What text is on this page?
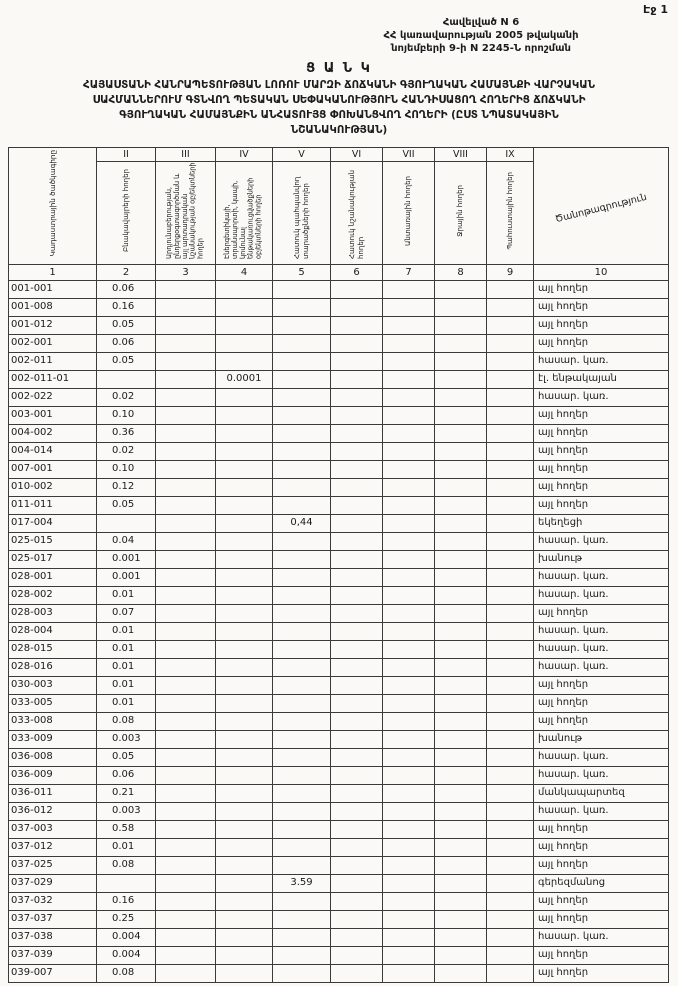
Էջ 1
Հավելված N 6
ՀՀ կառավարության 2005 թվականի
նոյեմբերի 9-ի N 2245-Ն որոշման
Ց Ա Ն Կ
ՀԱՅԱՍՏԱՆԻ ՀԱՆՐԱՊԵՏՈՒԹՅԱՆ ԼՈՌՈՒ ՄԱՐԶԻ ՃՈՃԿԱՆԻ ԳՅՈՒՂԱԿԱՆ ՀԱՄԱՅՆՔԻ ՎԱՐՉԱԿԱՆ
ՍԱՀՄԱՆՆԵՐՈՒՄ ԳՏՆՎՈՂ ՊԵՏԱԿԱՆ ՍԵՓԱԿԱՆՈՒԹՅՈՒՆ ՀԱՆԴԻՍԱՑՈՂ ՀՈՂԵՐԻՑ ՃՈՃԿԱՆԻ
ԳՅՈՒՂԱԿԱՆ ՀԱՄԱՅՆՔԻՆ ԱՆՀԱՏՈՒՅՑ ՓՈԽԱՆՑՎՈՂ ՀՈՂԵՐԻ (ԸՍՏ ՆՊԱՏԱԿԱՅԻՆ
ՆՇԱՆԱԿՈՒԹՅԱՆ)
Կադաստրային ծածկագիրը	II	III	IV	V	VI	VII	VIII	IX	Ծանոթագրություն
	Բնակավայրերի հողեր	Արդյունաբերության, ընդերքօգտագործման և այլ արտադրական նշանակության օբյեկտների հողեր	Էներգետիկայի, տրանսպորտի, կապի, կոմունալ ենթակառուցվածքների օբյեկտների հողեր	Հատուկ պահպանվող տարածքների հողեր	Հատուկ նշանակության հողեր	Անտառային հողեր	Ջրային հողեր	Պահուստային հողեր	
1	2	3	4	5	6	7	8	9	10
001-001	0.06								այլ հողեր
001-008	0.16								այլ հողեր
001-012	0.05								այլ հողեր
002-001	0.06								այլ հողեր
002-011	0.05								հասար. կառ.
002-011-01			0.0001						էլ. ենթակայան
002-022	0.02								հասար. կառ.
003-001	0.10								այլ հողեր
004-002	0.36								այլ հողեր
004-014	0.02								այլ հողեր
007-001	0.10								այլ հողեր
010-002	0.12								այլ հողեր
011-011	0.05								այլ հողեր
017-004				0,44					եկեղեցի
025-015	0.04								հասար. կառ.
025-017	0.001								խանութ
028-001	0.001								հասար. կառ.
028-002	0.01								հասար. կառ.
028-003	0.07								այլ հողեր
028-004	0.01								հասար. կառ.
028-015	0.01								հասար. կառ.
028-016	0.01								հասար. կառ.
030-003	0.01								այլ հողեր
033-005	0.01								այլ հողեր
033-008	0.08								այլ հողեր
033-009	0.003								խանութ
036-008	0.05								հասար. կառ.
036-009	0.06								հասար. կառ.
036-011	0.21								մանկապարտեզ
036-012	0.003								հասար. կառ.
037-003	0.58								այլ հողեր
037-012	0.01								այլ հողեր
037-025	0.08								այլ հողեր
037-029				3.59					գերեզմանոց
037-032	0.16								այլ հողեր
037-037	0.25								այլ հողեր
037-038	0.004								հասար. կառ.
037-039	0.004								այլ հողեր
039-007	0.08								այլ հողեր
